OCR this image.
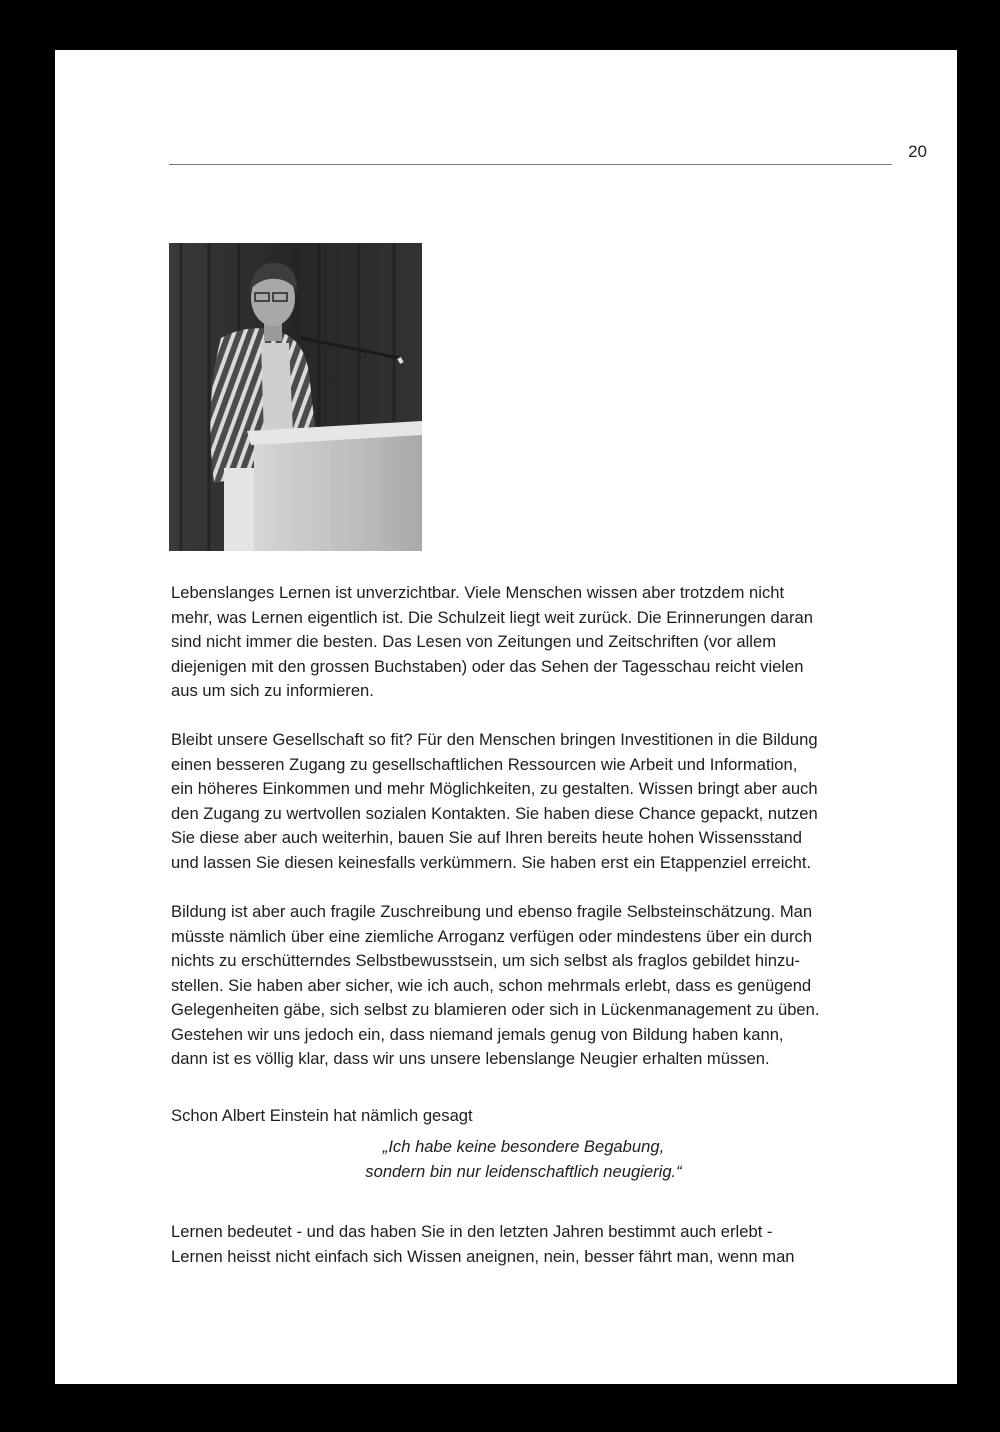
20
Lebenslanges Lernen ist unverzichtbar. Viele Menschen wissen aber trotzdem nicht
mehr, was Lernen eigentlich ist. Die Schulzeit liegt weit zurück. Die Erinnerungen daran
sind nicht immer die besten. Das Lesen von Zeitungen und Zeitschriften (vor allem
diejenigen mit den grossen Buchstaben) oder das Sehen der Tagesschau reicht vielen
aus um sich zu informieren.
Bleibt unsere Gesellschaft so fit? Für den Menschen bringen Investitionen in die Bildung
einen besseren Zugang zu gesellschaftlichen Ressourcen wie Arbeit und Information,
ein höheres Einkommen und mehr Möglichkeiten, zu gestalten. Wissen bringt aber auch
den Zugang zu wertvollen sozialen Kontakten. Sie haben diese Chance gepackt, nutzen
Sie diese aber auch weiterhin, bauen Sie auf Ihren bereits heute hohen Wissensstand
und lassen Sie diesen keinesfalls verkümmern. Sie haben erst ein Etappenziel erreicht.
Bildung ist aber auch fragile Zuschreibung und ebenso fragile Selbsteinschätzung. Man
müsste nämlich über eine ziemliche Arroganz verfügen oder mindestens über ein durch
nichts zu erschütterndes Selbstbewusstsein, um sich selbst als fraglos gebildet hinzu-
stellen. Sie haben aber sicher, wie ich auch, schon mehrmals erlebt, dass es genügend
Gelegenheiten gäbe, sich selbst zu blamieren oder sich in Lückenmanagement zu üben.
Gestehen wir uns jedoch ein, dass niemand jemals genug von Bildung haben kann,
dann ist es völlig klar, dass wir uns unsere lebenslange Neugier erhalten müssen.
Schon Albert Einstein hat nämlich gesagt
„Ich habe keine besondere Begabung,
sondern bin nur leidenschaftlich neugierig.“
Lernen bedeutet - und das haben Sie in den letzten Jahren bestimmt auch erlebt -
Lernen heisst nicht einfach sich Wissen aneignen, nein, besser fährt man, wenn man
